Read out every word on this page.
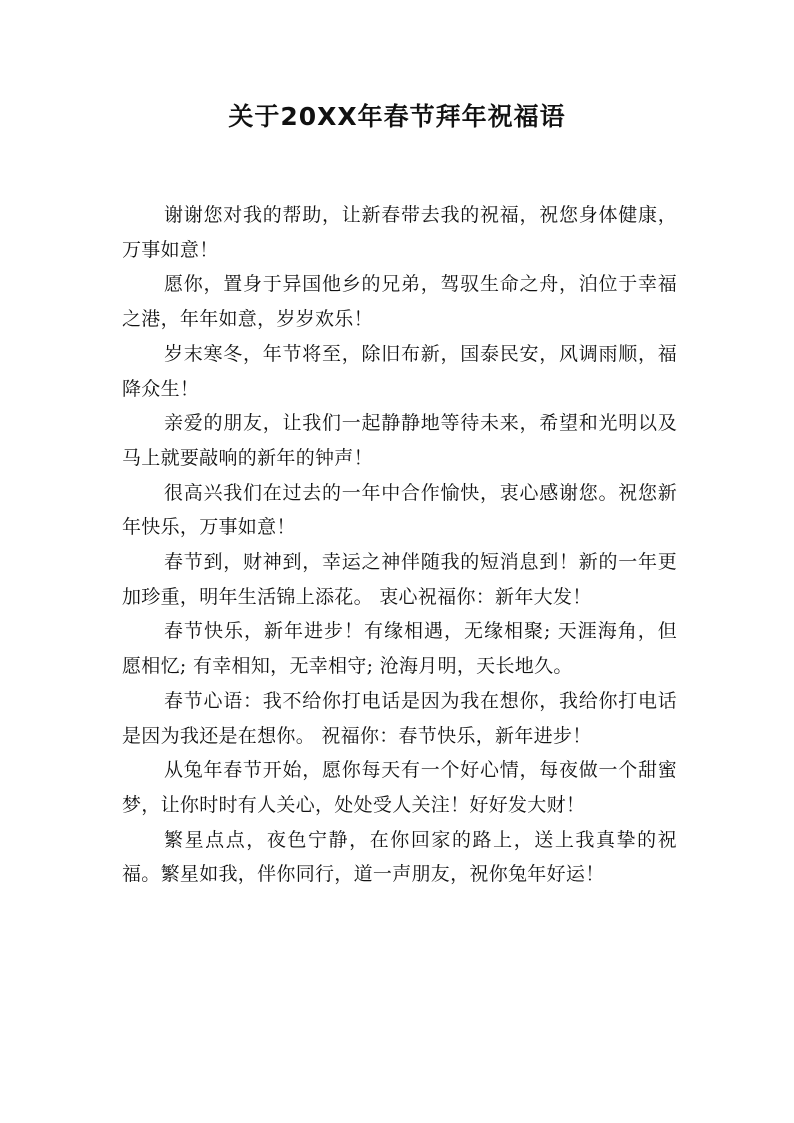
关于20XX年春节拜年祝福语

谢谢您对我的帮助，让新春带去我的祝福，祝您身体健康，万事如意！

愿你，置身于异国他乡的兄弟，驾驭生命之舟，泊位于幸福之港，年年如意，岁岁欢乐！

岁末寒冬，年节将至，除旧布新，国泰民安，风调雨顺，福降众生！

亲爱的朋友，让我们一起静静地等待未来，希望和光明以及马上就要敲响的新年的钟声！

很高兴我们在过去的一年中合作愉快，衷心感谢您。祝您新年快乐，万事如意！

春节到，财神到，幸运之神伴随我的短消息到！新的一年更加珍重，明年生活锦上添花。 衷心祝福你：新年大发！

春节快乐，新年进步！有缘相遇，无缘相聚; 天涯海角，但愿相忆; 有幸相知，无幸相守; 沧海月明，天长地久。

春节心语：我不给你打电话是因为我在想你，我给你打电话是因为我还是在想你。 祝福你：春节快乐，新年进步！

从兔年春节开始，愿你每天有一个好心情，每夜做一个甜蜜梦，让你时时有人关心，处处受人关注！好好发大财！

繁星点点，夜色宁静，在你回家的路上，送上我真挚的祝福。繁星如我，伴你同行，道一声朋友，祝你兔年好运！
